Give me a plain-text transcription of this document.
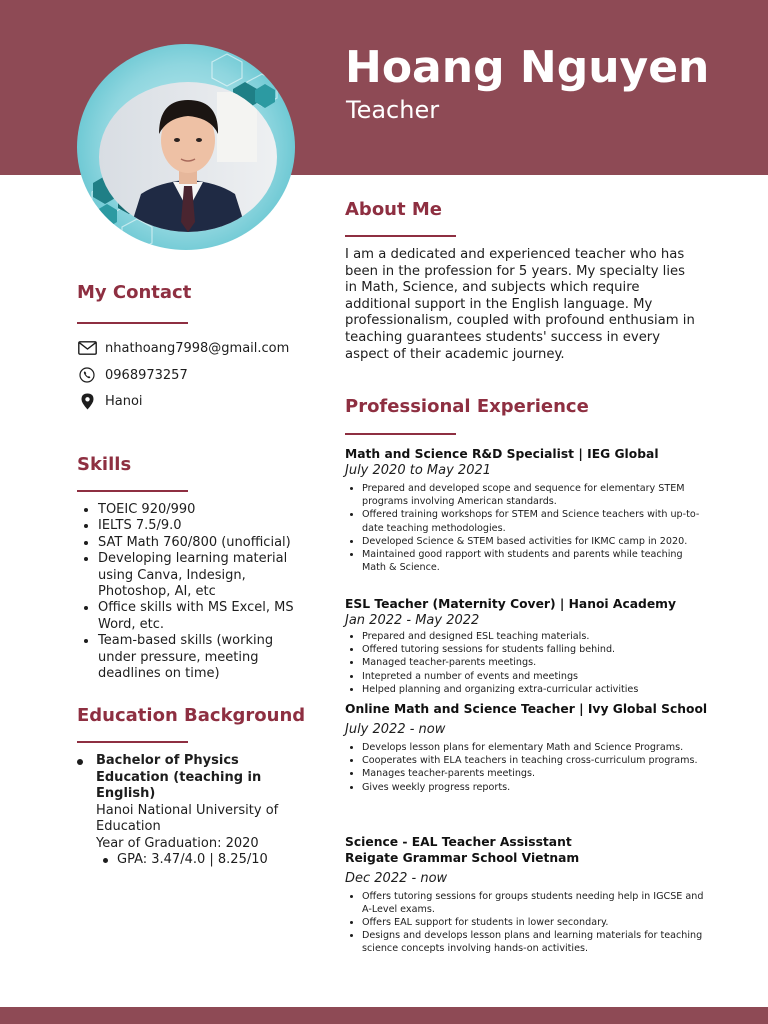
Hoang Nguyen
Teacher
About Me
I am a dedicated and experienced teacher who has been in the profession for 5 years. My specialty lies in Math, Science, and subjects which require additional support in the English language. My professionalism, coupled with profound enthusiam in teaching guarantees students' success in every aspect of their academic journey.
My Contact
nhathoang7998@gmail.com
0968973257
Hanoi
Skills
• TOEIC 920/990
• IELTS 7.5/9.0
• SAT Math 760/800 (unofficial)
• Developing learning material using Canva, Indesign, Photoshop, AI, etc
• Office skills with MS Excel, MS Word, etc.
• Team-based skills (working under pressure, meeting deadlines on time)
Education Background
Bachelor of Physics Education (teaching in English)
Hanoi National University of Education
Year of Graduation: 2020
GPA: 3.47/4.0 | 8.25/10
Professional Experience
Math and Science R&D Specialist | IEG Global
July 2020 to May 2021
• Prepared and developed scope and sequence for elementary STEM programs involving American standards.
• Offered training workshops for STEM and Science teachers with up-to-date teaching methodologies.
• Developed Science & STEM based activities for IKMC camp in 2020.
• Maintained good rapport with students and parents while teaching Math & Science.
ESL Teacher (Maternity Cover) | Hanoi Academy
Jan 2022 - May 2022
• Prepared and designed ESL teaching materials.
• Offered tutoring sessions for students falling behind.
• Managed teacher-parents meetings.
• Intepreted a number of events and meetings
• Helped planning and organizing extra-curricular activities
Online Math and Science Teacher | Ivy Global School
July 2022 - now
• Develops lesson plans for elementary Math and Science Programs.
• Cooperates with ELA teachers in teaching cross-curriculum programs.
• Manages teacher-parents meetings.
• Gives weekly progress reports.
Science - EAL Teacher Assisstant
Reigate Grammar School Vietnam
Dec 2022 - now
• Offers tutoring sessions for groups students needing help in IGCSE and A-Level exams.
• Offers EAL support for students in lower secondary.
• Designs and develops lesson plans and learning materials for teaching science concepts involving hands-on activities.
